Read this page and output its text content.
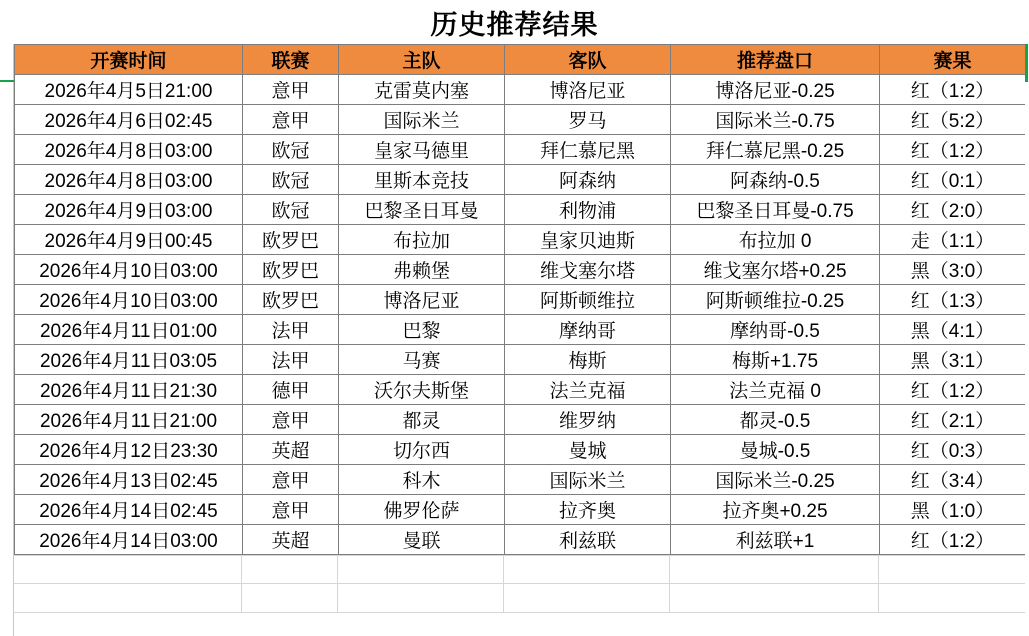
历史推荐结果
开赛时间	联赛	主队	客队	推荐盘口	赛果
2026年4月5日21:00	意甲	克雷莫内塞	博洛尼亚	博洛尼亚-0.25	红（1:2）
2026年4月6日02:45	意甲	国际米兰	罗马	国际米兰-0.75	红（5:2）
2026年4月8日03:00	欧冠	皇家马德里	拜仁慕尼黑	拜仁慕尼黑-0.25	红（1:2）
2026年4月8日03:00	欧冠	里斯本竞技	阿森纳	阿森纳-0.5	红（0:1）
2026年4月9日03:00	欧冠	巴黎圣日耳曼	利物浦	巴黎圣日耳曼-0.75	红（2:0）
2026年4月9日00:45	欧罗巴	布拉加	皇家贝迪斯	布拉加 0	走（1:1）
2026年4月10日03:00	欧罗巴	弗赖堡	维戈塞尔塔	维戈塞尔塔+0.25	黑（3:0）
2026年4月10日03:00	欧罗巴	博洛尼亚	阿斯顿维拉	阿斯顿维拉-0.25	红（1:3）
2026年4月11日01:00	法甲	巴黎	摩纳哥	摩纳哥-0.5	黑（4:1）
2026年4月11日03:05	法甲	马赛	梅斯	梅斯+1.75	黑（3:1）
2026年4月11日21:30	德甲	沃尔夫斯堡	法兰克福	法兰克福 0	红（1:2）
2026年4月11日21:00	意甲	都灵	维罗纳	都灵-0.5	红（2:1）
2026年4月12日23:30	英超	切尔西	曼城	曼城-0.5	红（0:3）
2026年4月13日02:45	意甲	科木	国际米兰	国际米兰-0.25	红（3:4）
2026年4月14日02:45	意甲	佛罗伦萨	拉齐奥	拉齐奥+0.25	黑（1:0）
2026年4月14日03:00	英超	曼联	利兹联	利兹联+1	红（1:2）
